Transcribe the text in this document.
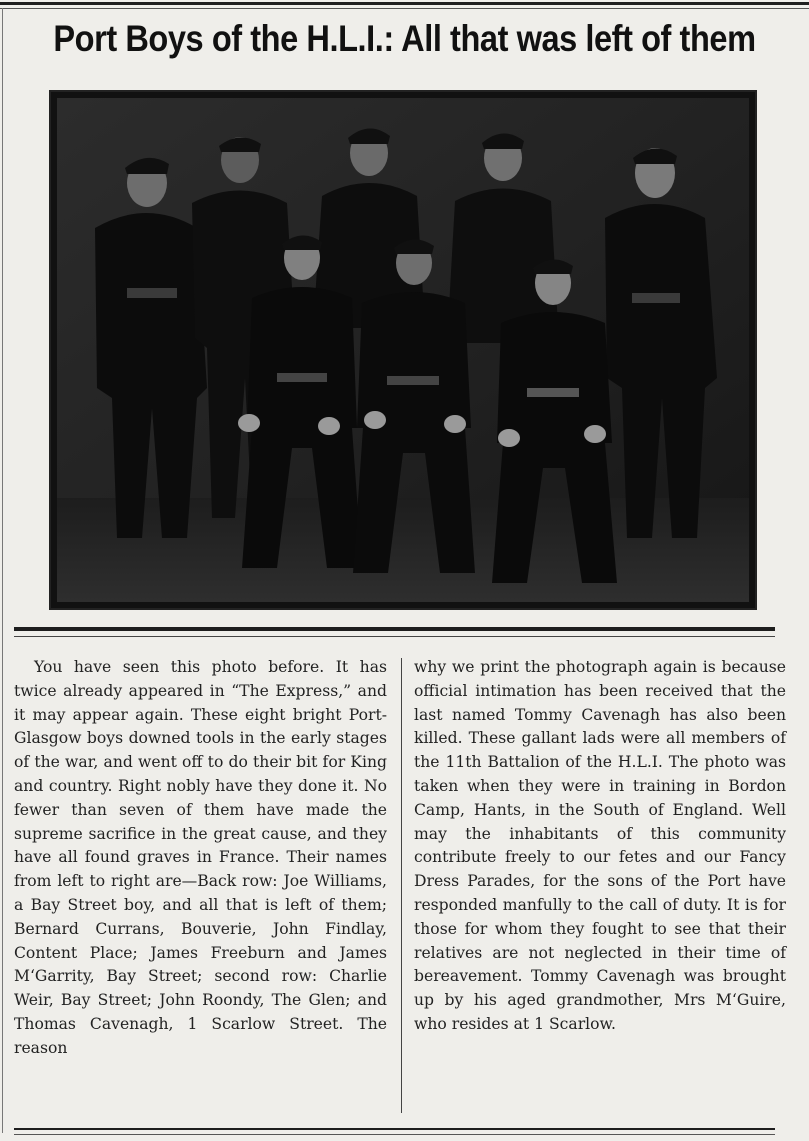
Port Boys of the H.L.I.: All that was left of them

You have seen this photo before. It has twice already appeared in “The Express,” and it may appear again. These eight bright Port-Glasgow boys downed tools in the early stages of the war, and went off to do their bit for King and country. Right nobly have they done it. No fewer than seven of them have made the supreme sacrifice in the great cause, and they have all found graves in France. Their names from left to right are—Back row: Joe Williams, a Bay Street boy, and all that is left of them; Bernard Currans, Bouverie, John Findlay, Content Place; James Freeburn and James M‘Garrity, Bay Street; second row: Charlie Weir, Bay Street; John Roondy, The Glen; and Thomas Cavenagh, 1 Scarlow Street. The reason

why we print the photograph again is because official intimation has been received that the last named Tommy Cavenagh has also been killed. These gallant lads were all members of the 11th Battalion of the H.L.I. The photo was taken when they were in training in Bordon Camp, Hants, in the South of England. Well may the inhabitants of this community contribute freely to our fetes and our Fancy Dress Parades, for the sons of the Port have responded manfully to the call of duty. It is for those for whom they fought to see that their relatives are not neglected in their time of bereavement. Tommy Cavenagh was brought up by his aged grandmother, Mrs M‘Guire, who resides at 1 Scarlow.
